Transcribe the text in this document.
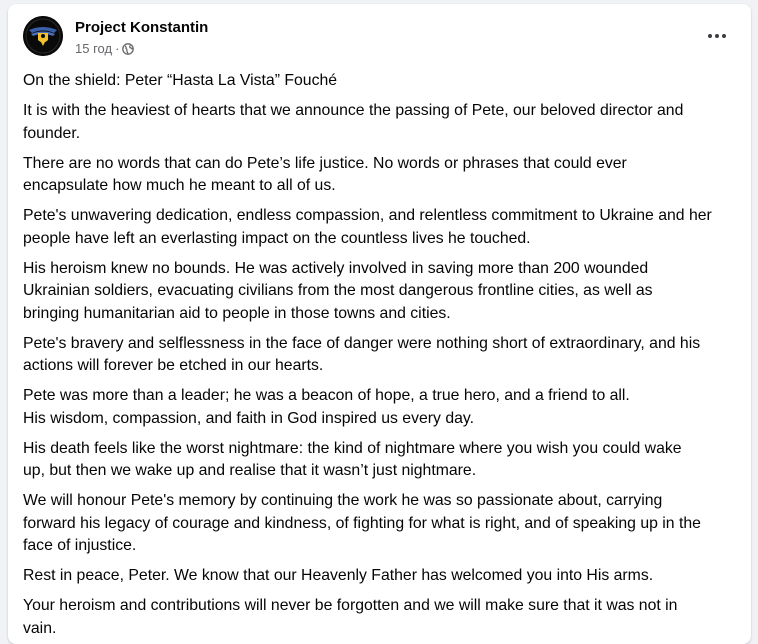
Project Konstantin
15 год ·

On the shield: Peter “Hasta La Vista” Fouché

It is with the heaviest of hearts that we announce the passing of Pete, our beloved director and
founder.

There are no words that can do Pete’s life justice. No words or phrases that could ever
encapsulate how much he meant to all of us.

Pete's unwavering dedication, endless compassion, and relentless commitment to Ukraine and her
people have left an everlasting impact on the countless lives he touched.

His heroism knew no bounds. He was actively involved in saving more than 200 wounded
Ukrainian soldiers, evacuating civilians from the most dangerous frontline cities, as well as
bringing humanitarian aid to people in those towns and cities.

Pete's bravery and selflessness in the face of danger were nothing short of extraordinary, and his
actions will forever be etched in our hearts.

Pete was more than a leader; he was a beacon of hope, a true hero, and a friend to all.
His wisdom, compassion, and faith in God inspired us every day.

His death feels like the worst nightmare: the kind of nightmare where you wish you could wake
up, but then we wake up and realise that it wasn’t just nightmare.

We will honour Pete's memory by continuing the work he was so passionate about, carrying
forward his legacy of courage and kindness, of fighting for what is right, and of speaking up in the
face of injustice.

Rest in peace, Peter. We know that our Heavenly Father has welcomed you into His arms.

Your heroism and contributions will never be forgotten and we will make sure that it was not in
vain.
